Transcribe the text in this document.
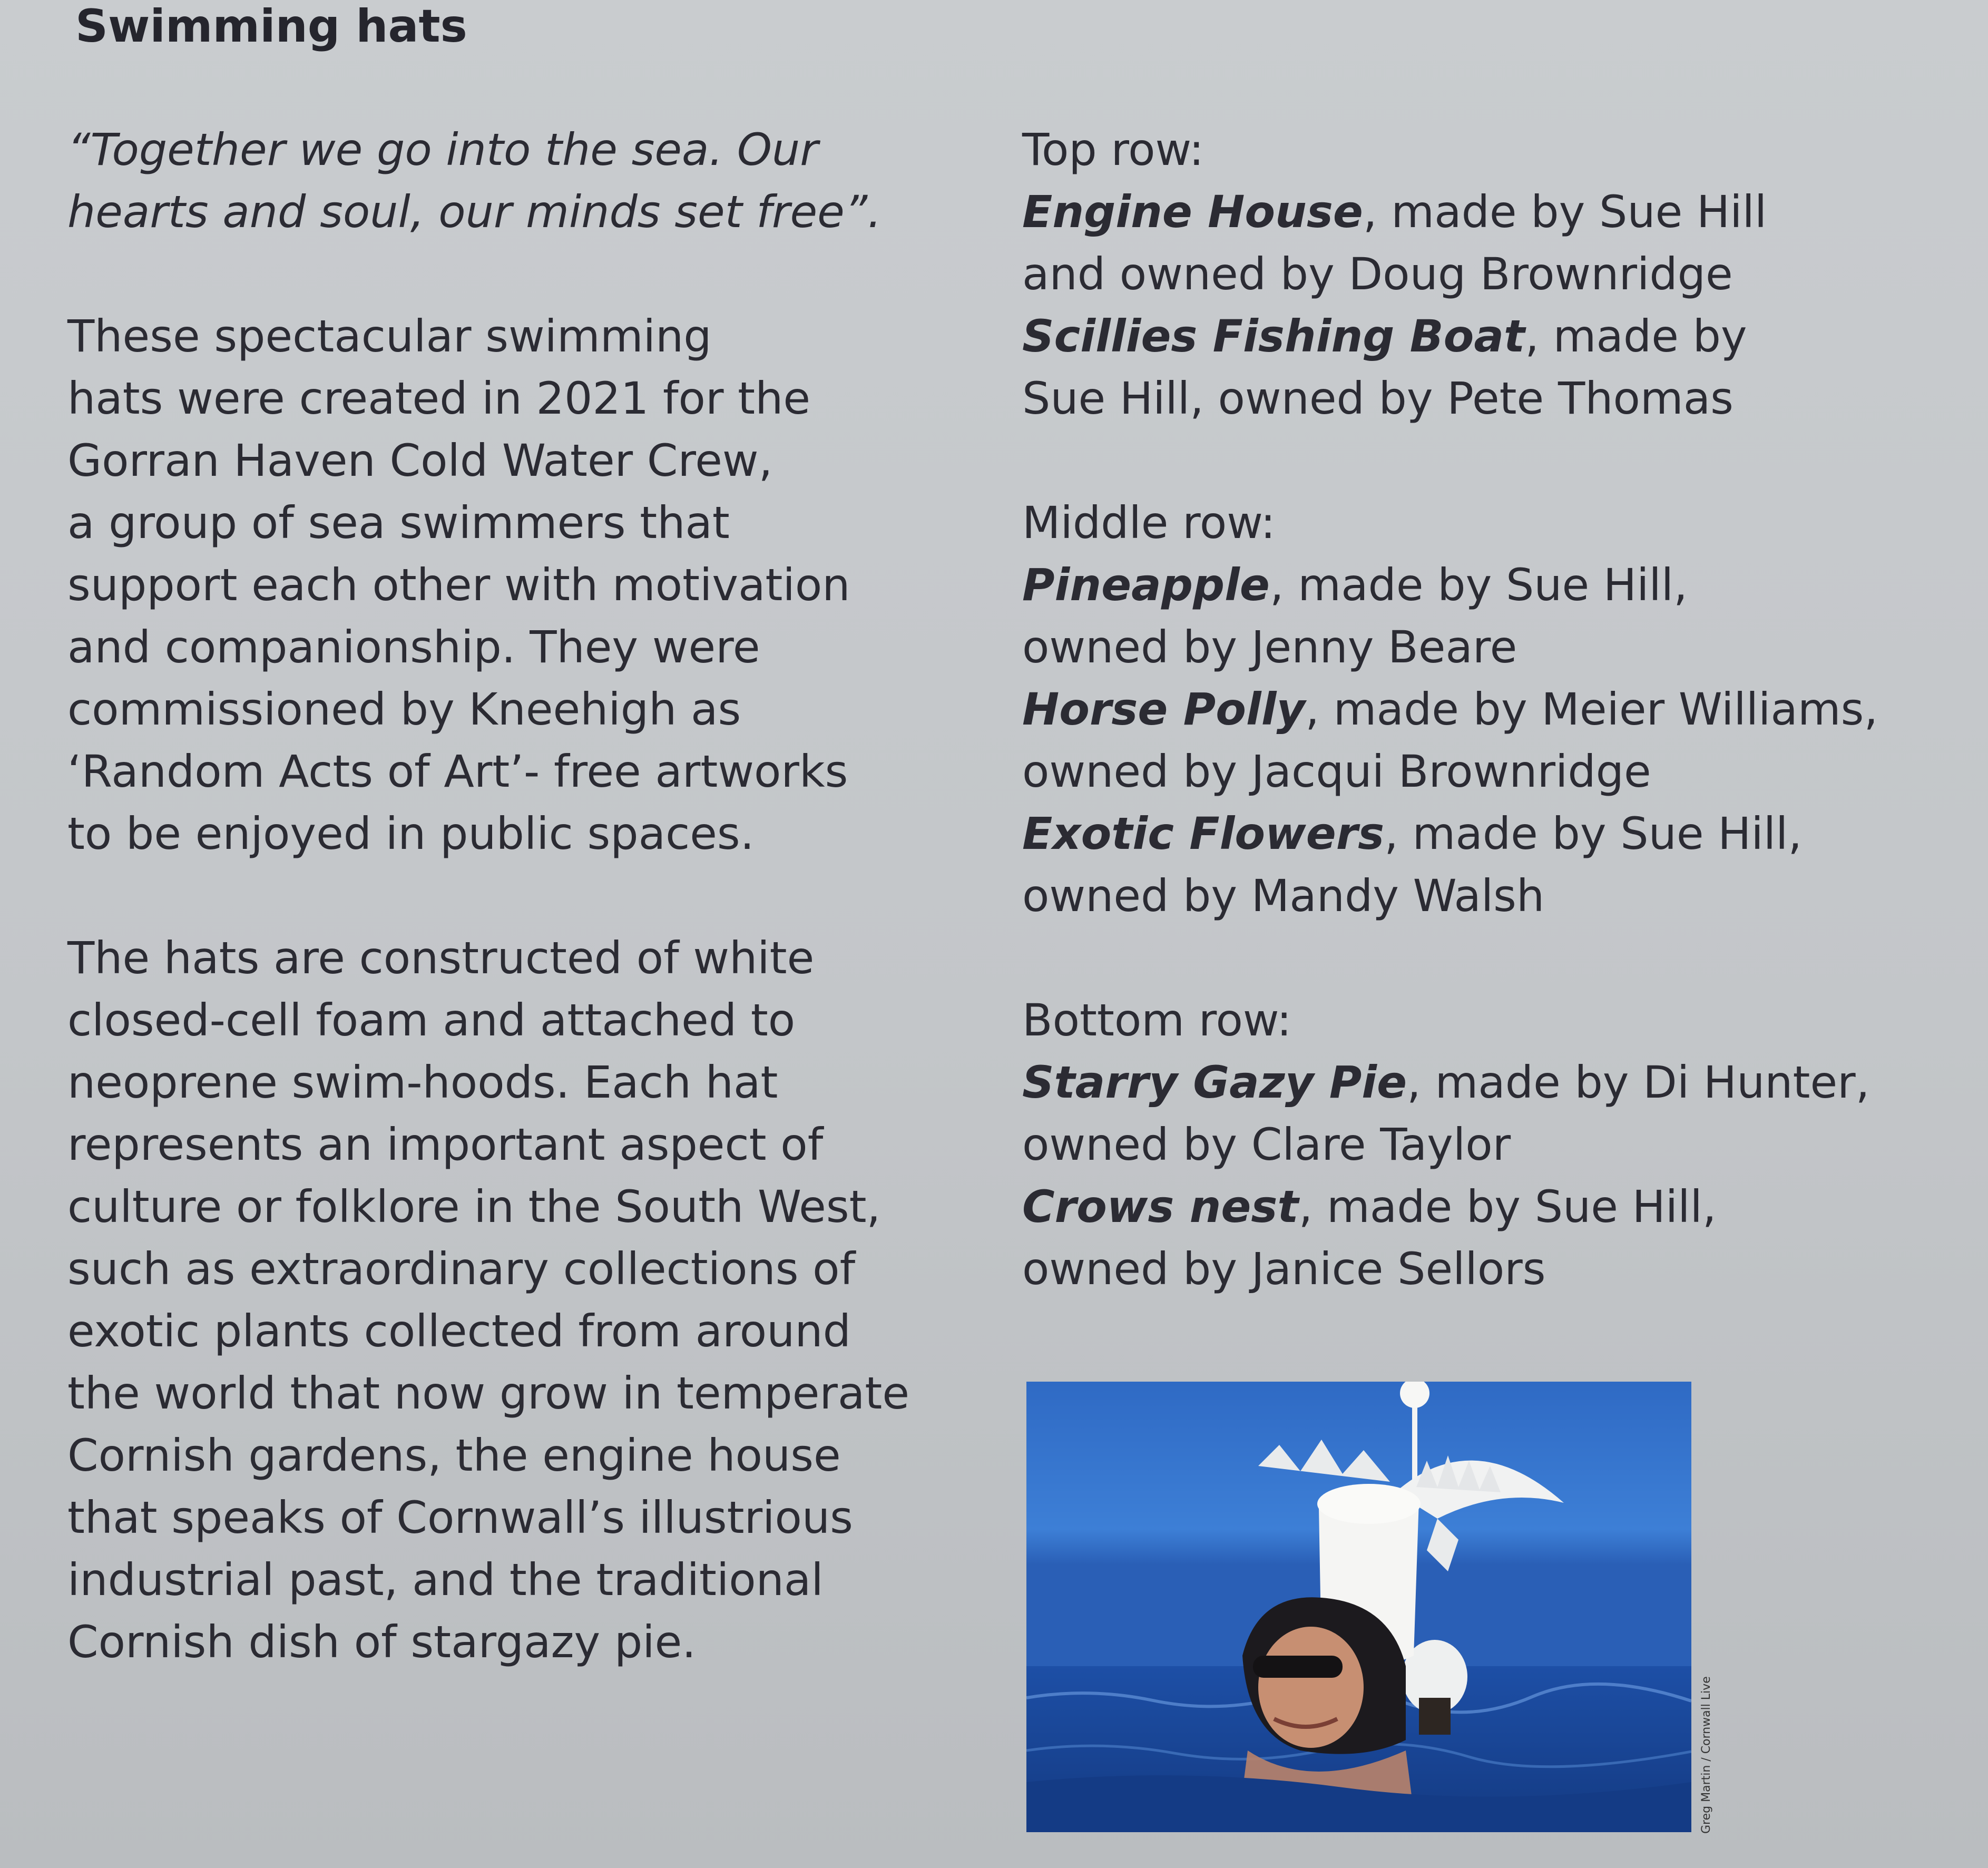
Swimming hats
“Together we go into the sea. Our
hearts and soul, our minds set free”.
These spectacular swimming
hats were created in 2021 for the
Gorran Haven Cold Water Crew,
a group of sea swimmers that
support each other with motivation
and companionship. They were
commissioned by Kneehigh as
‘Random Acts of Art’- free artworks
to be enjoyed in public spaces.
The hats are constructed of white
closed-cell foam and attached to
neoprene swim-hoods. Each hat
represents an important aspect of
culture or folklore in the South West,
such as extraordinary collections of
exotic plants collected from around
the world that now grow in temperate
Cornish gardens, the engine house
that speaks of Cornwall’s illustrious
industrial past, and the traditional
Cornish dish of stargazy pie.
Top row:
Engine House, made by Sue Hill
and owned by Doug Brownridge
Scillies Fishing Boat, made by
Sue Hill, owned by Pete Thomas
Middle row:
Pineapple, made by Sue Hill,
owned by Jenny Beare
Horse Polly, made by Meier Williams,
owned by Jacqui Brownridge
Exotic Flowers, made by Sue Hill,
owned by Mandy Walsh
Bottom row:
Starry Gazy Pie, made by Di Hunter,
owned by Clare Taylor
Crows nest, made by Sue Hill,
owned by Janice Sellors
Greg Martin / Cornwall Live
